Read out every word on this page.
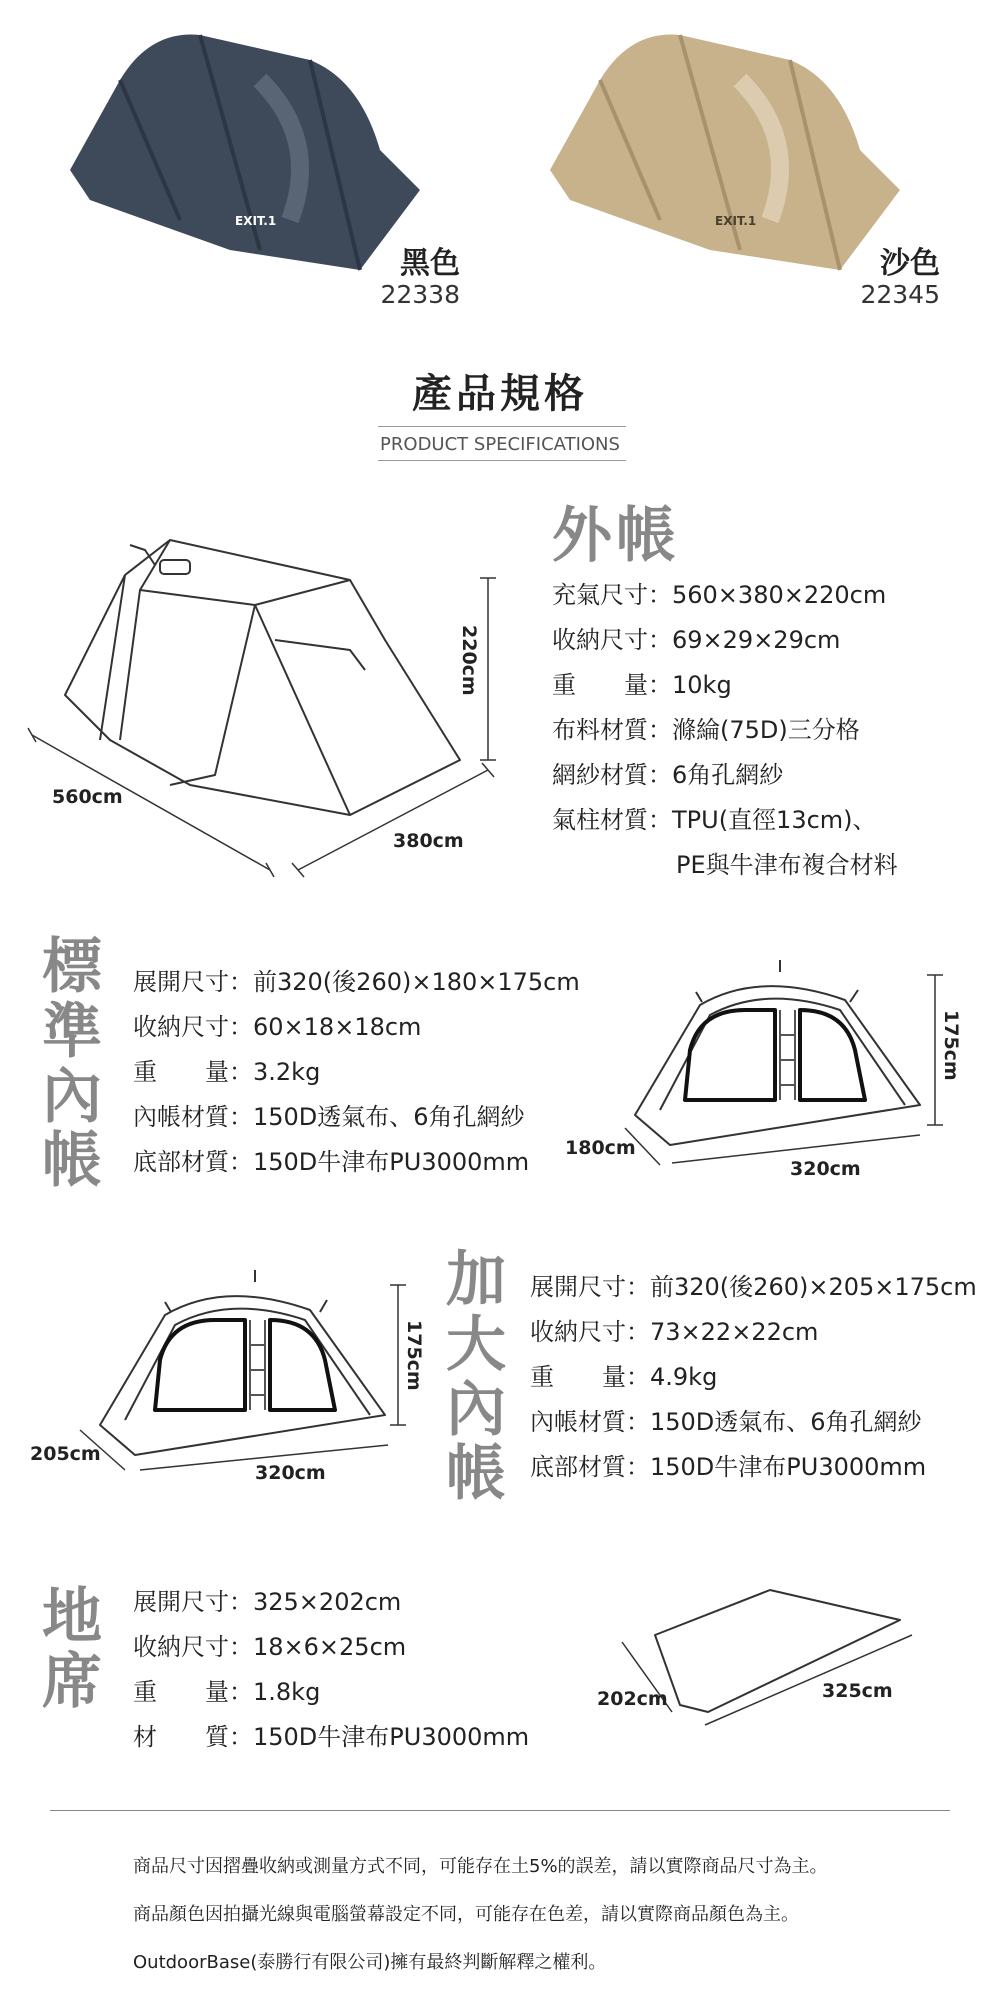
EXIT.1	EXIT.1
黑色
22338
沙色
22345
產品規格
PRODUCT SPECIFICATIONS
220cm
560cm
380cm
外帳
充氣尺寸：560×380×220cm
收納尺寸：69×29×29cm
重量：10kg
布料材質：滌綸(75D)三分格
網紗材質：6角孔網紗
氣柱材質：TPU(直徑13cm)、
PE與牛津布複合材料
標準內帳
展開尺寸：前320(後260)×180×175cm
收納尺寸：60×18×18cm
重量：3.2kg
內帳材質：150D透氣布、6角孔網紗
底部材質：150D牛津布PU3000mm
175cm
180cm
320cm
175cm
205cm
320cm
加大內帳
展開尺寸：前320(後260)×205×175cm
收納尺寸：73×22×22cm
重量：4.9kg
內帳材質：150D透氣布、6角孔網紗
底部材質：150D牛津布PU3000mm
地席
展開尺寸：325×202cm
收納尺寸：18×6×25cm
重量：1.8kg
材質：150D牛津布PU3000mm
202cm	325cm
商品尺寸因摺疊收納或測量方式不同，可能存在土5%的誤差，請以實際商品尺寸為主。
商品顏色因拍攝光線與電腦螢幕設定不同，可能存在色差，請以實際商品顏色為主。
OutdoorBase(泰勝行有限公司)擁有最終判斷解釋之權利。
